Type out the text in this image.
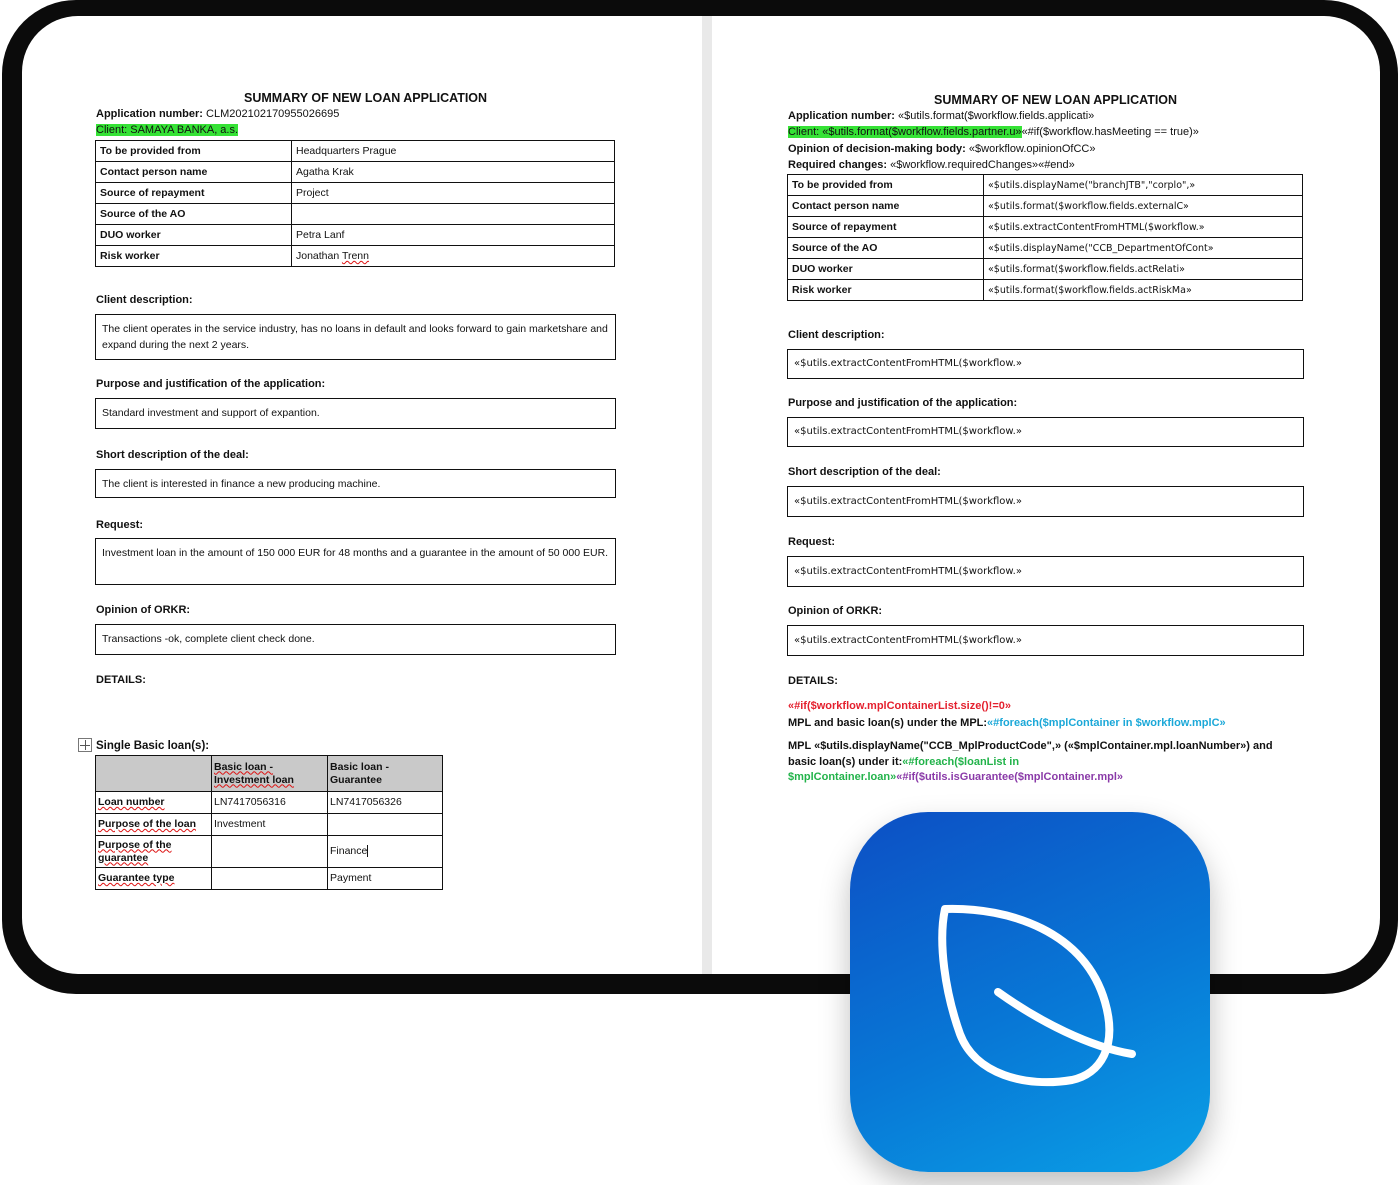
SUMMARY OF NEW LOAN APPLICATION
Application number: CLM202102170955026695
Client: SAMAYA BANKA, a.s.
To be provided from	Headquarters Prague
Contact person name	Agatha Krak
Source of repayment	Project
Source of the AO	
DUO worker	Petra Lanf
Risk worker	Jonathan Trenn
Client description:
The client operates in the service industry, has no loans in default and looks forward to gain marketshare and expand during the next 2 years.
Purpose and justification of the application:
Standard investment and support of expantion.
Short description of the deal:
The client is interested in finance a new producing machine.
Request:
Investment loan in the amount of 150 000 EUR for 48 months and a guarantee in the amount of 50 000 EUR.
Opinion of ORKR:
Transactions -ok, complete client check done.
DETAILS:
Single Basic loan(s):
	Basic loan - Investment loan	Basic loan - Guarantee
Loan number	LN7417056316	LN7417056326
Purpose of the loan	Investment	
Purpose of the guarantee		Finance
Guarantee type		Payment
SUMMARY OF NEW LOAN APPLICATION
Application number: «$utils.format($workflow.fields.applicati»
Client: «$utils.format($workflow.fields.partner.u»«#if($workflow.hasMeeting == true)»
Opinion of decision-making body: «$workflow.opinionOfCC»
Required changes: «$workflow.requiredChanges»«#end»
To be provided from	«$utils.displayName("branchJTB","corplo",»
Contact person name	«$utils.format($workflow.fields.externalC»
Source of repayment	«$utils.extractContentFromHTML($workflow.»
Source of the AO	«$utils.displayName("CCB_DepartmentOfCont»
DUO worker	«$utils.format($workflow.fields.actRelati»
Risk worker	«$utils.format($workflow.fields.actRiskMa»
Client description:
«$utils.extractContentFromHTML($workflow.»
Purpose and justification of the application:
«$utils.extractContentFromHTML($workflow.»
Short description of the deal:
«$utils.extractContentFromHTML($workflow.»
Request:
«$utils.extractContentFromHTML($workflow.»
Opinion of ORKR:
«$utils.extractContentFromHTML($workflow.»
DETAILS:
«#if($workflow.mplContainerList.size()!=0»
MPL and basic loan(s) under the MPL:«#foreach($mplContainer in $workflow.mplC»
MPL «$utils.displayName("CCB_MplProductCode",» («$mplContainer.mpl.loanNumber») and
basic loan(s) under it:«#foreach($loanList in
$mplContainer.loan»«#if($utils.isGuarantee($mplContainer.mpl»
